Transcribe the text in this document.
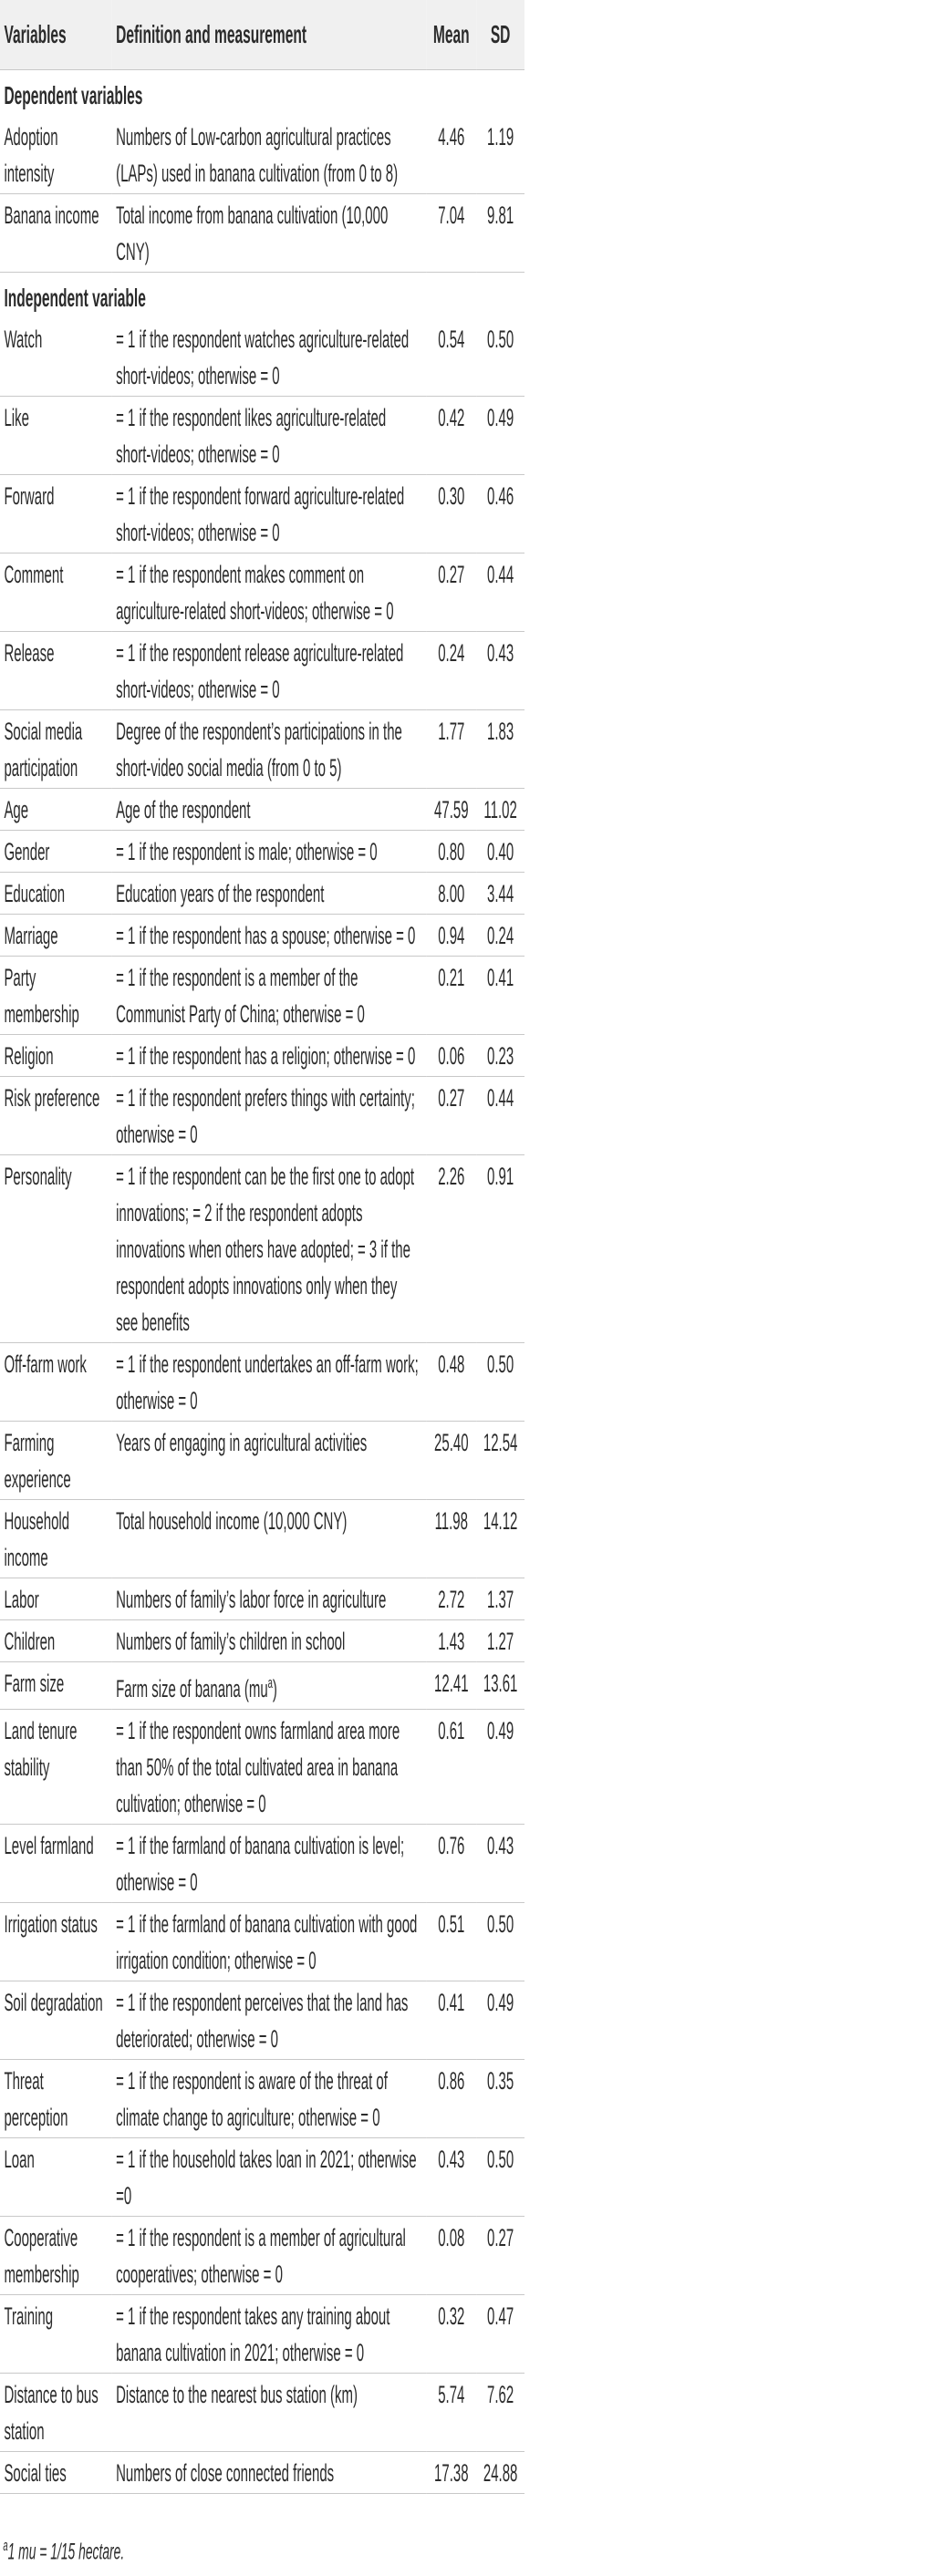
Variables	Definition and measurement	Mean	SD
Dependent variables			
Adoption intensity	Numbers of Low-carbon agricultural practices (LAPs) used in banana cultivation (from 0 to 8)	4.46	1.19
Banana income	Total income from banana cultivation (10,000 CNY)	7.04	9.81
Independent variable			
Watch	= 1 if the respondent watches agriculture-related short-videos; otherwise = 0	0.54	0.50
Like	= 1 if the respondent likes agriculture-related short-videos; otherwise = 0	0.42	0.49
Forward	= 1 if the respondent forward agriculture-related short-videos; otherwise = 0	0.30	0.46
Comment	= 1 if the respondent makes comment on agriculture-related short-videos; otherwise = 0	0.27	0.44
Release	= 1 if the respondent release agriculture-related short-videos; otherwise = 0	0.24	0.43
Social media participation	Degree of the respondent’s participations in the short-video social media (from 0 to 5)	1.77	1.83
Age	Age of the respondent	47.59	11.02
Gender	= 1 if the respondent is male; otherwise = 0	0.80	0.40
Education	Education years of the respondent	8.00	3.44
Marriage	= 1 if the respondent has a spouse; otherwise = 0	0.94	0.24
Party membership	= 1 if the respondent is a member of the Communist Party of China; otherwise = 0	0.21	0.41
Religion	= 1 if the respondent has a religion; otherwise = 0	0.06	0.23
Risk preference	= 1 if the respondent prefers things with certainty; otherwise = 0	0.27	0.44
Personality	= 1 if the respondent can be the first one to adopt innovations; = 2 if the respondent adopts innovations when others have adopted; = 3 if the respondent adopts innovations only when they see benefits	2.26	0.91
Off-farm work	= 1 if the respondent undertakes an off-farm work; otherwise = 0	0.48	0.50
Farming experience	Years of engaging in agricultural activities	25.40	12.54
Household income	Total household income (10,000 CNY)	11.98	14.12
Labor	Numbers of family’s labor force in agriculture	2.72	1.37
Children	Numbers of family’s children in school	1.43	1.27
Farm size	Farm size of banana $(mu^a)$	12.41	13.61
Land tenure stability	= 1 if the respondent owns farmland area more than 50% of the total cultivated area in banana cultivation; otherwise = 0	0.61	0.49
Level farmland	= 1 if the farmland of banana cultivation is level; otherwise = 0	0.76	0.43
Irrigation status	= 1 if the farmland of banana cultivation with good irrigation condition; otherwise = 0	0.51	0.50
Soil degradation	= 1 if the respondent perceives that the land has deteriorated; otherwise = 0	0.41	0.49
Threat perception	= 1 if the respondent is aware of the threat of climate change to agriculture; otherwise = 0	0.86	0.35
Loan	= 1 if the household takes loan in 2021; otherwise =0	0.43	0.50
Cooperative membership	= 1 if the respondent is a member of agricultural cooperatives; otherwise = 0	0.08	0.27
Training	= 1 if the respondent takes any training about banana cultivation in 2021; otherwise = 0	0.32	0.47
Distance to bus station	Distance to the nearest bus station (km)	5.74	7.62
Social ties	Numbers of close connected friends	17.38	24.88
$^a$1 mu = 1/15 hectare.
